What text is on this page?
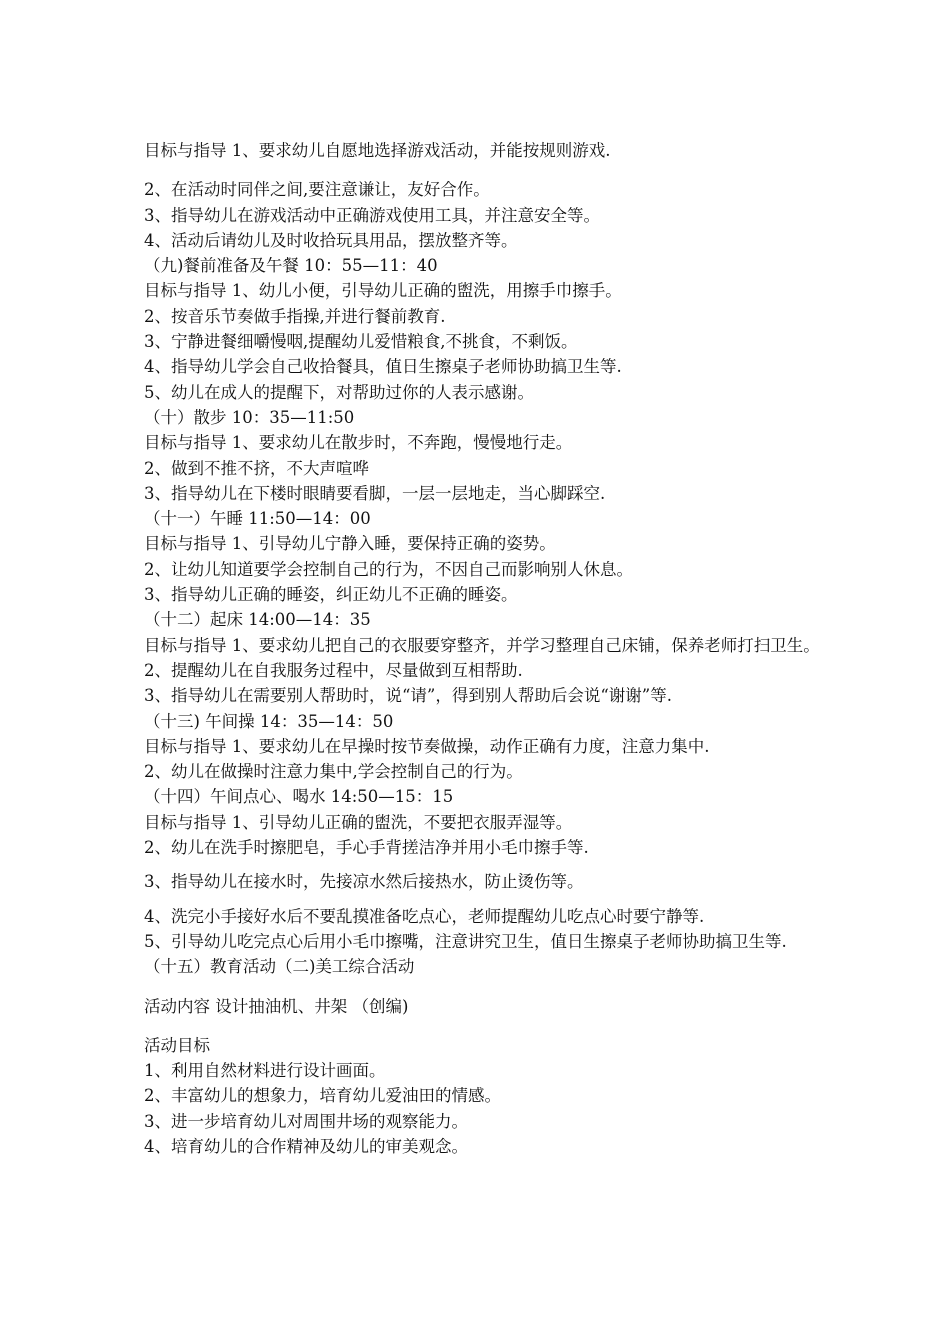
目标与指导 1、要求幼儿自愿地选择游戏活动，并能按规则游戏.
2、在活动时同伴之间,要注意谦让，友好合作。
3、指导幼儿在游戏活动中正确游戏使用工具，并注意安全等。
4、活动后请幼儿及时收拾玩具用品，摆放整齐等。
（九)餐前准备及午餐 10：55—11：40
目标与指导 1、幼儿小便，引导幼儿正确的盥洗，用擦手巾擦手。
2、按音乐节奏做手指操,并进行餐前教育.
3、宁静进餐细嚼慢咽,提醒幼儿爱惜粮食,不挑食，不剩饭。
4、指导幼儿学会自己收拾餐具，值日生擦桌子老师协助搞卫生等.
5、幼儿在成人的提醒下，对帮助过你的人表示感谢。
（十）散步 10：35—11:50
目标与指导 1、要求幼儿在散步时，不奔跑，慢慢地行走。
2、做到不推不挤，不大声喧哗
3、指导幼儿在下楼时眼睛要看脚，一层一层地走，当心脚踩空.
（十一）午睡 11:50—14：00
目标与指导 1、引导幼儿宁静入睡，要保持正确的姿势。
2、让幼儿知道要学会控制自己的行为，不因自己而影响别人休息。
3、指导幼儿正确的睡姿，纠正幼儿不正确的睡姿。
（十二）起床 14:00—14：35
目标与指导 1、要求幼儿把自己的衣服要穿整齐，并学习整理自己床铺，保养老师打扫卫生。
2、提醒幼儿在自我服务过程中，尽量做到互相帮助.
3、指导幼儿在需要别人帮助时，说“请”，得到别人帮助后会说“谢谢”等.
（十三) 午间操 14：35—14：50
目标与指导 1、要求幼儿在早操时按节奏做操，动作正确有力度，注意力集中.
2、幼儿在做操时注意力集中,学会控制自己的行为。
（十四）午间点心、喝水 14:50—15：15
目标与指导 1、引导幼儿正确的盥洗，不要把衣服弄湿等。
2、幼儿在洗手时擦肥皂，手心手背搓洁净并用小毛巾擦手等.
3、指导幼儿在接水时，先接凉水然后接热水，防止烫伤等。
4、洗完小手接好水后不要乱摸准备吃点心，老师提醒幼儿吃点心时要宁静等.
5、引导幼儿吃完点心后用小毛巾擦嘴，注意讲究卫生，值日生擦桌子老师协助搞卫生等.
（十五）教育活动（二)美工综合活动
活动内容 设计抽油机、井架 （创编)
活动目标
1、利用自然材料进行设计画面。
2、丰富幼儿的想象力，培育幼儿爱油田的情感。
3、进一步培育幼儿对周围井场的观察能力。
4、培育幼儿的合作精神及幼儿的审美观念。
